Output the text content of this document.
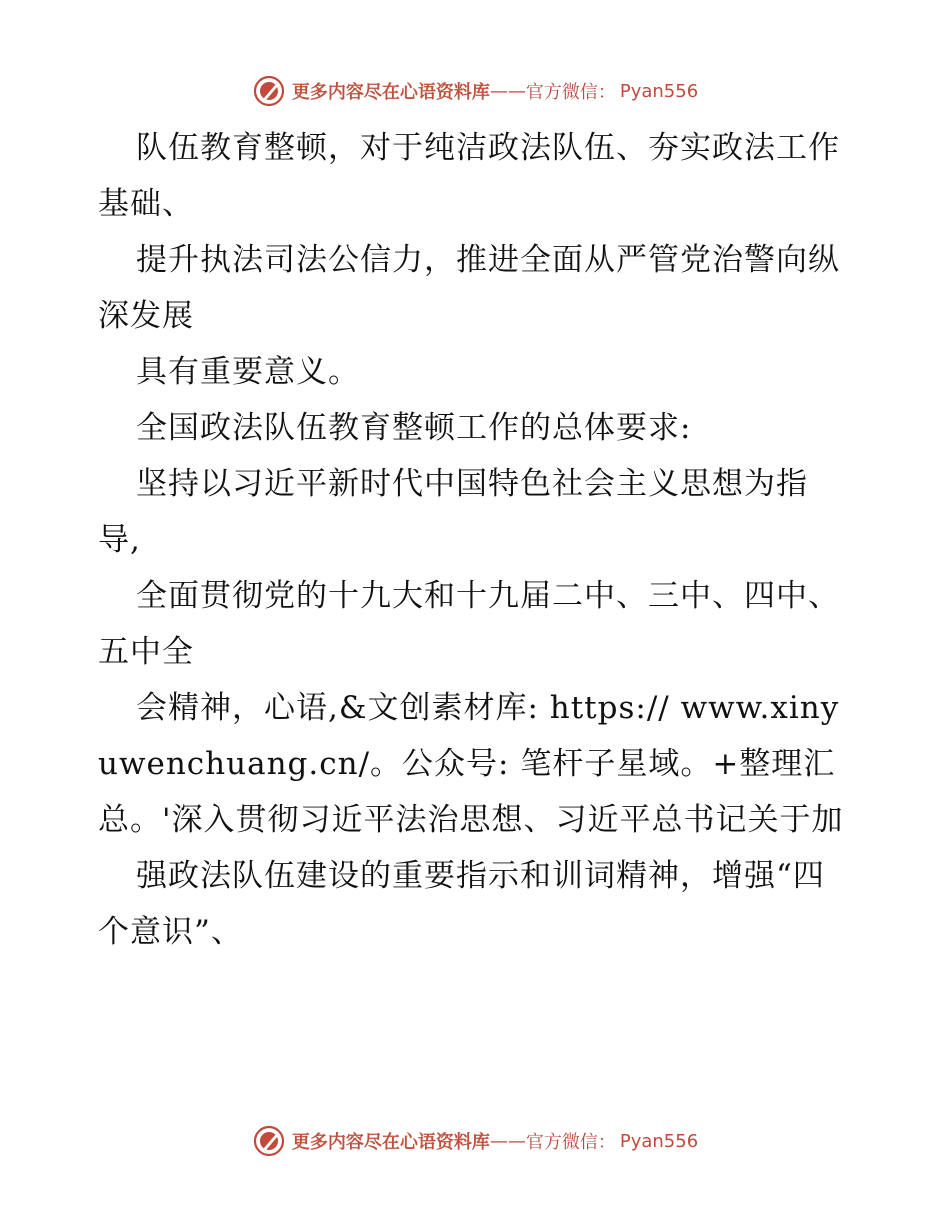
更多内容尽在心语资料库 —— 官方微信： Pyan556

队伍教育整顿，对于纯洁政法队伍、夯实政法工作基础、

提升执法司法公信力，推进全面从严管党治警向纵深发展

具有重要意义。

全国政法队伍教育整顿工作的总体要求:

坚持以习近平新时代中国特色社会主义思想为指导,

全面贯彻党的十九大和十九届二中、三中、四中、五中全

会精神，心语,&文创素材库: https:// www.xinyuwenchuang.cn/。公众号: 笔杆子星域。+整理汇总。'深入贯彻习近平法治思想、习近平总书记关于加

强政法队伍建设的重要指示和训词精神，增强“四个意识”、

更多内容尽在心语资料库 —— 官方微信： Pyan556
